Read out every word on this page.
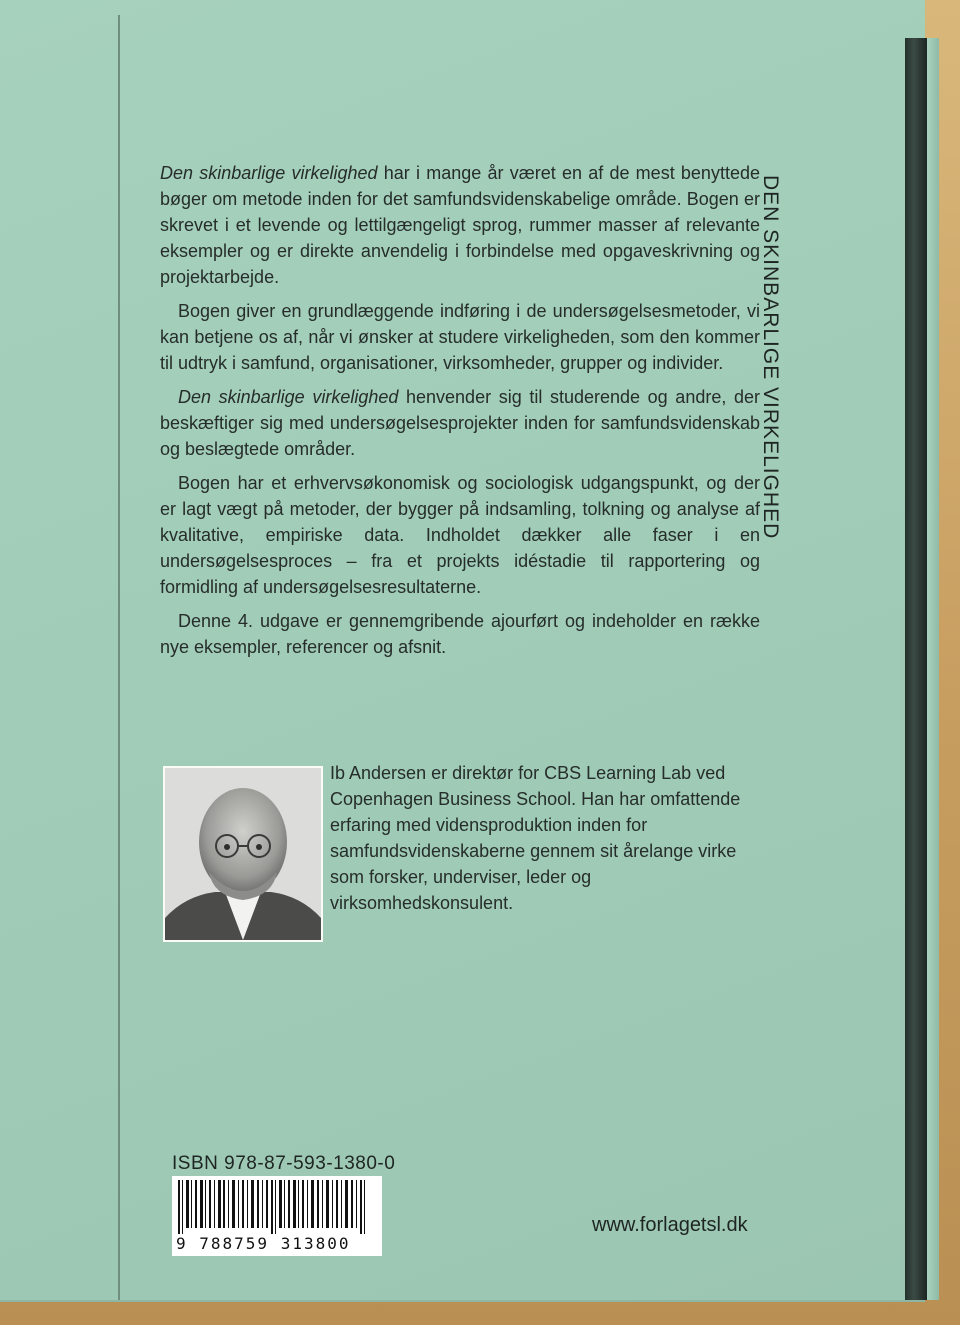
Den skinbarlige virkelighed har i mange år været en af de mest benyttede bøger om metode inden for det samfundsvidenskabelige område. Bogen er skrevet i et levende og lettilgængeligt sprog, rummer masser af relevante eksempler og er direkte anvendelig i forbindelse med opgaveskrivning og projektarbejde.

Bogen giver en grundlæggende indføring i de undersøgelsesmetoder, vi kan betjene os af, når vi ønsker at studere virkeligheden, som den kommer til udtryk i samfund, organisationer, virksomheder, grupper og individer.

Den skinbarlige virkelighed henvender sig til studerende og andre, der beskæftiger sig med undersøgelsesprojekter inden for samfundsvidenskab og beslægtede områder.

Bogen har et erhvervsøkonomisk og sociologisk udgangspunkt, og der er lagt vægt på metoder, der bygger på indsamling, tolkning og analyse af kvalitative, empiriske data. Indholdet dækker alle faser i en undersøgelsesproces – fra et projekts idéstadie til rapportering og formidling af undersøgelsesresultaterne.

Denne 4. udgave er gennemgribende ajourført og indeholder en række nye eksempler, referencer og afsnit.

DEN SKINBARLIGE VIRKELIGHED
Ib Andersen er direktør for CBS Learning Lab ved Copenhagen Business School. Han har omfattende erfaring med vidensproduktion inden for samfundsvidenskaberne gennem sit årelange virke som forsker, underviser, leder og virksomhedskonsulent.
ISBN 978-87-593-1380-0
9 788759 313800
www.forlagetsl.dk
